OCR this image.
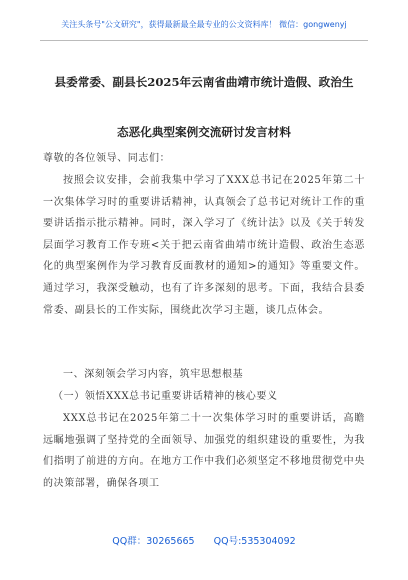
关注头条号"公文研究"，获得最新最全最专业的公文资料库！ 微信：gongwenyj
县委常委、副县长2025年云南省曲靖市统计造假、政治生
态恶化典型案例交流研讨发言材料
尊敬的各位领导、同志们：
按照会议安排，会前我集中学习了XXX总书记在2025年第二十一次集体学习时的重要讲话精神，认真领会了总书记对统计工作的重要讲话指示批示精神。同时，深入学习了《统计法》以及《关于转发层面学习教育工作专班<关于把云南省曲靖市统计造假、政治生态恶化的典型案例作为学习教育反面教材的通知>的通知》等重要文件。通过学习，我深受触动，也有了许多深刻的思考。下面，我结合县委常委、副县长的工作实际，围绕此次学习主题，谈几点体会。
一、深刻领会学习内容，筑牢思想根基
（一）领悟XXX总书记重要讲话精神的核心要义
XXX总书记在2025年第二十一次集体学习时的重要讲话，高瞻远瞩地强调了坚持党的全面领导、加强党的组织建设的重要性，为我们指明了前进的方向。在地方工作中我们必须坚定不移地贯彻党中央的决策部署，确保各项工
QQ群：30265665 QQ号:535304092
